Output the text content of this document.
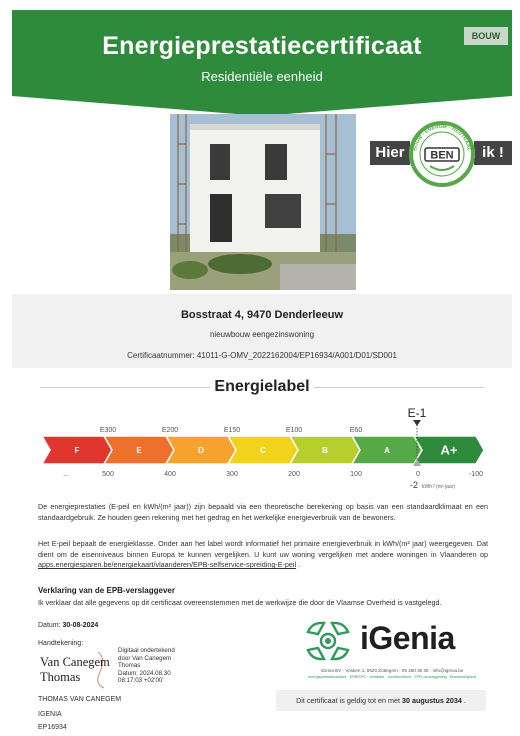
Energieprestatiecertificaat
Residentiële eenheid
BOUW
Hier	ik !
BOUW - ENERGIE - NEUTRAAL
BEN
Bosstraat 4, 9470 Denderleeuw
nieuwbouw eengezinswoning
Certificaatnummer: 41011-G-OMV_2022162004/EP16934/A001/D01/SD001
Energielabel
E300	E200	E150	E100	E60
F	E	D	C	B	A	A+
...	500	400	300	200	100	0	-100
E-1
-2 kWh / (m² jaar)
De energieprestaties (E-peil en kWh/(m² jaar)) zijn bepaald via een theoretische berekening op basis van een standaardklimaat en een standaardgebruik. Ze houden geen rekening met het gedrag en het werkelijke energieverbruik van de bewoners.
Het E-peil bepaalt de energieklasse. Onder aan het label wordt informatief het primaire energieverbruik in kWh/(m² jaar) weergegeven. Dat dient om de eisenniveaus binnen Europa te kunnen vergelijken. U kunt uw woning vergelijken met andere woningen in Vlaanderen op apps.energiesparen.be/energiekaart/vlaanderen/EPB-selfservice-spreiding-E-peil .
Verklaring van de EPB-verslaggever
Ik verklaar dat alle gegevens op dit certificaat overeenstemmen met de werkwijze die door de Vlaamse Overheid is vastgelegd.
Datum: 30-08-2024
Handtekening:
Van Canegem
Thomas
Digitaal ondertekend
door Van Canegem
Thomas
Datum: 2024.08.30
08:17:03 +02'00'
THOMAS VAN CANEGEM
IGENIA
EP16934
iGenia
iGenia BV - Vosken 1, 9620 Zottegem - 09 360 36 36 - info@igenia.be
energieprestatieadvies · EPB/EPC · ventilatie · luchtdichtheid · EPB-verslaggeving · Brandveiligheid
Dit certificaat is geldig tot en met 30 augustus 2034 .
